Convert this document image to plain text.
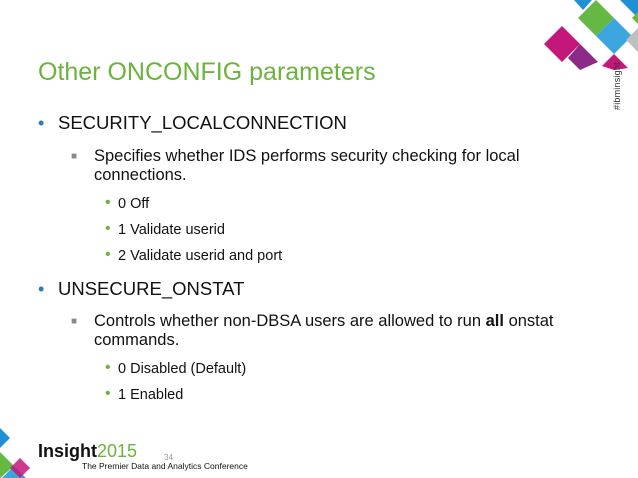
#ibminsight
Other ONCONFIG parameters
• SECURITY_LOCALCONNECTION
■ Specifies whether IDS performs security checking for local connections.
• 0 Off
• 1 Validate userid
• 2 Validate userid and port
• UNSECURE_ONSTAT
■ Controls whether non-DBSA users are allowed to run all onstat commands.
• 0 Disabled (Default)
• 1 Enabled
Insight2015	34
The Premier Data and Analytics Conference
